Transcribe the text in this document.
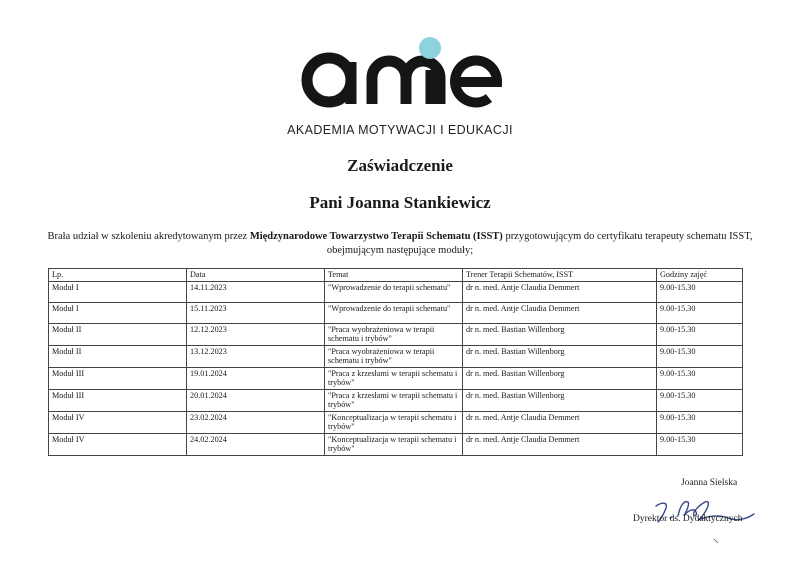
AKADEMIA MOTYWACJI I EDUKACJI
Zaświadczenie
Pani Joanna Stankiewicz
Brała udział w szkoleniu akredytowanym przez Międzynarodowe Towarzystwo Terapii Schematu (ISST) przygotowującym do certyfikatu terapeuty schematu ISST, obejmującym następujące moduły;
Lp.	Data	Temat	Trener Terapii Schematów, ISST	Godziny zajęć
Moduł I	14.11.2023	"Wprowadzenie do terapii schematu"	dr n. med. Antje Claudia Demmert	9.00-15.30
Moduł I	15.11.2023	"Wprowadzenie do terapii schematu"	dr n. med. Antje Claudia Demmert	9.00-15.30
Moduł II	12.12.2023	"Praca wyobrażeniowa w terapii schematu i trybów"	dr n. med. Bastian Willenborg	9.00-15.30
Moduł II	13.12.2023	"Praca wyobrażeniowa w terapii schematu i trybów"	dr n. med. Bastian Willenborg	9.00-15.30
Moduł III	19.01.2024	"Praca z krzesłami w terapii schematu i trybów"	dr n. med. Bastian Willenborg	9.00-15.30
Moduł III	20.01.2024	"Praca z krzesłami w terapii schematu i trybów"	dr n. med. Bastian Willenborg	9.00-15.30
Moduł IV	23.02.2024	"Konceptualizacja w terapii schematu i trybów"	dr n. med. Antje Claudia Demmert	9.00-15.30
Moduł IV	24.02.2024	"Konceptualizacja w terapii schematu i trybów"	dr n. med. Antje Claudia Demmert	9.00-15.30
Joanna Sielska
Dyrektor ds. Dydaktycznych
